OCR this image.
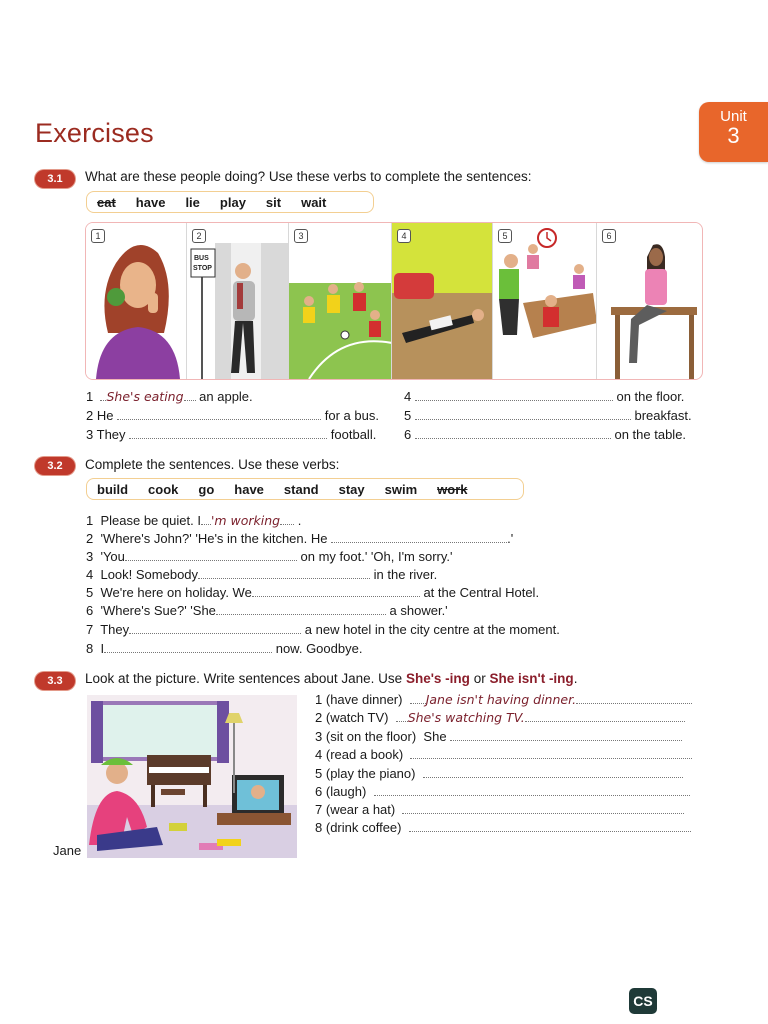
Exercises
Unit
3
3.1	What are these people doing? Use these verbs to complete the sentences:
eat have lie play sit wait
1	2
BUS
STOP
3	4	5	6
1 She's eating an apple.
2 He	for a bus.
3 They	football.
4	on the floor.
5	breakfast.
6	on the table.
3.2	Complete the sentences. Use these verbs:
build cook go have stand stay swim work
1 Please be quiet. I 'm working .
2 'Where's John?' 'He's in the kitchen. He	.'
3 'You	on my foot.' 'Oh, I'm sorry.'
4 Look! Somebody	in the river.
5 We're here on holiday. We	at the Central Hotel.
6 'Where's Sue?' 'She	a shower.'
7 They	a new hotel in the city centre at the moment.
8 I	now. Goodbye.
3.3	Look at the picture. Write sentences about Jane. Use She's -ing or She isn't -ing.
Jane
1 (have dinner) Jane isn't having dinner.
2 (watch TV) She's watching TV.
3 (sit on the floor) She
4 (read a book)
5 (play the piano)
6 (laugh)
7 (wear a hat)
8 (drink coffee)
CS
